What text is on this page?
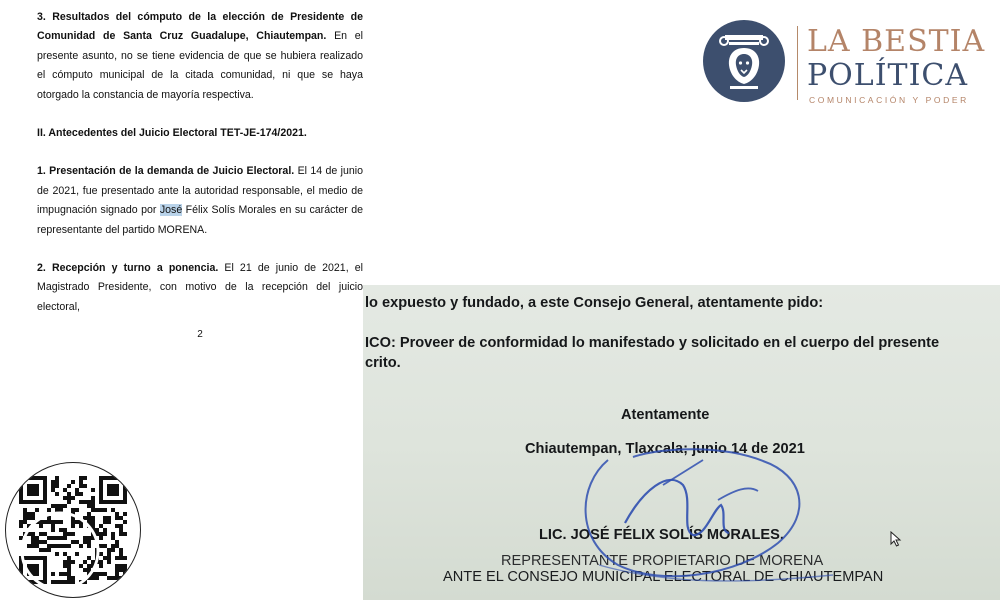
3. Resultados del cómputo de la elección de Presidente de Comunidad de Santa Cruz Guadalupe, Chiautempan. En el presente asunto, no se tiene evidencia de que se hubiera realizado el cómputo municipal de la citada comunidad, ni que se haya otorgado la constancia de mayoría respectiva.

II. Antecedentes del Juicio Electoral TET-JE-174/2021.

1. Presentación de la demanda de Juicio Electoral. El 14 de junio de 2021, fue presentado ante la autoridad responsable, el medio de impugnación signado por José Félix Solís Morales en su carácter de representante del partido MORENA.

2. Recepción y turno a ponencia. El 21 de junio de 2021, el Magistrado Presidente, con motivo de la recepción del juicio electoral,

2

LA BESTIA
POLÍTICA
COMUNICACIÓN Y PODER
lo expuesto y fundado, a este Consejo General, atentamente pido:
ICO: Proveer de conformidad lo manifestado y solicitado en el cuerpo del presente
crito.
Atentamente
Chiautempan, Tlaxcala; junio 14 de 2021
LIC. JOSÉ FÉLIX SOLÍS MORALES.
REPRESENTANTE PROPIETARIO DE MORENA
ANTE EL CONSEJO MUNICIPAL ELECTORAL DE CHIAUTEMPAN
